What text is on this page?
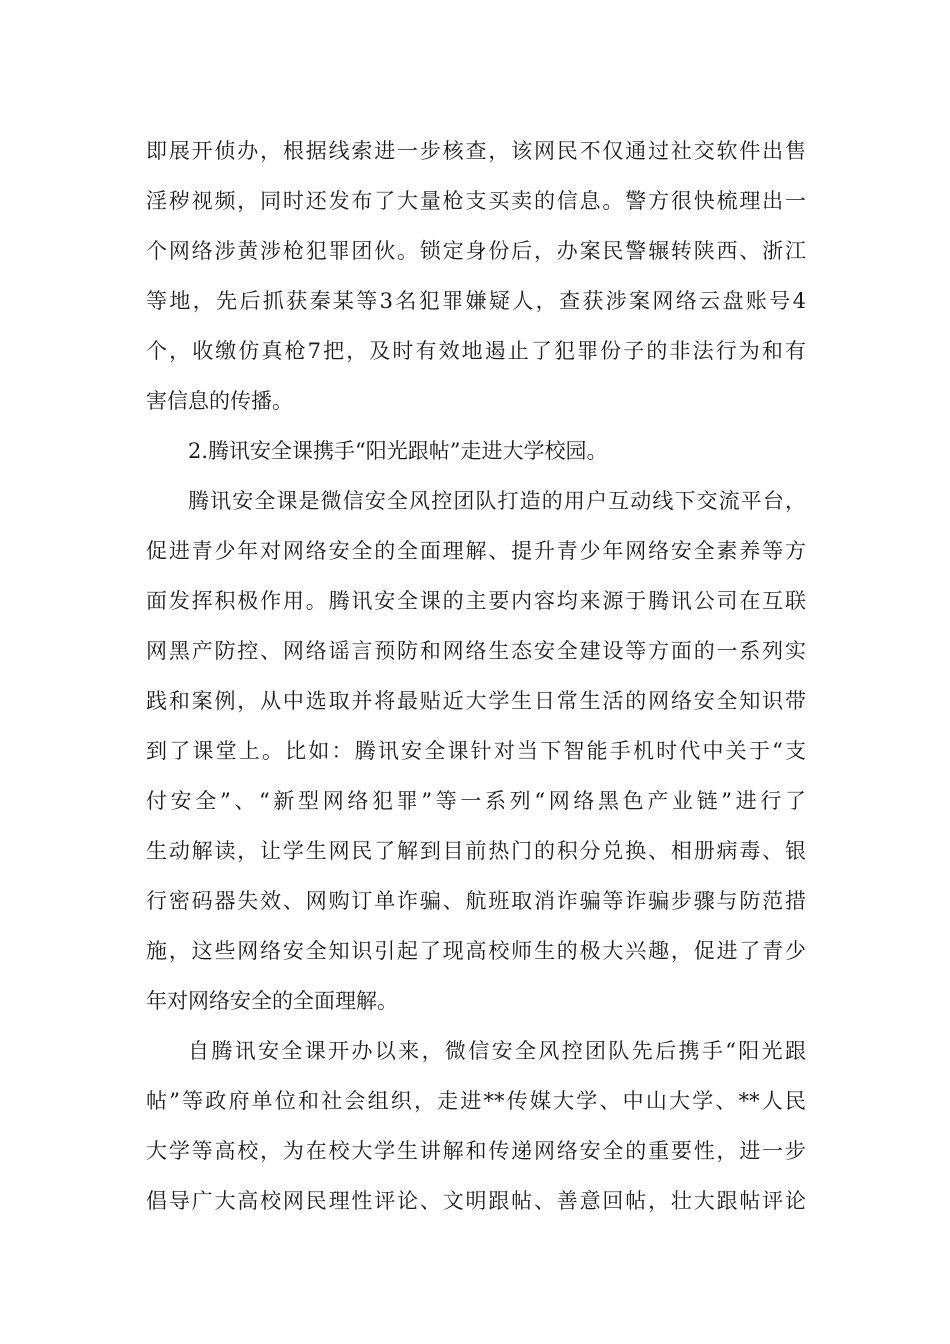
即展开侦办，根据线索进一步核查，该网民不仅通过社交软件出售
淫秽视频，同时还发布了大量枪支买卖的信息。警方很快梳理出一
个网络涉黄涉枪犯罪团伙。锁定身份后，办案民警辗转陕西、浙江
等地，先后抓获秦某等3名犯罪嫌疑人，查获涉案网络云盘账号4
个，收缴仿真枪7把，及时有效地遏止了犯罪份子的非法行为和有
害信息的传播。
2.腾讯安全课携手“阳光跟帖”走进大学校园。
腾讯安全课是微信安全风控团队打造的用户互动线下交流平台，
促进青少年对网络安全的全面理解、提升青少年网络安全素养等方
面发挥积极作用。腾讯安全课的主要内容均来源于腾讯公司在互联
网黑产防控、网络谣言预防和网络生态安全建设等方面的一系列实
践和案例，从中选取并将最贴近大学生日常生活的网络安全知识带
到了课堂上。比如：腾讯安全课针对当下智能手机时代中关于“支
付安全”、“新型网络犯罪”等一系列“网络黑色产业链”进行了
生动解读，让学生网民了解到目前热门的积分兑换、相册病毒、银
行密码器失效、网购订单诈骗、航班取消诈骗等诈骗步骤与防范措
施，这些网络安全知识引起了现高校师生的极大兴趣，促进了青少
年对网络安全的全面理解。
自腾讯安全课开办以来，微信安全风控团队先后携手“阳光跟
帖”等政府单位和社会组织，走进**传媒大学、中山大学、**人民
大学等高校，为在校大学生讲解和传递网络安全的重要性，进一步
倡导广大高校网民理性评论、文明跟帖、善意回帖，壮大跟帖评论
